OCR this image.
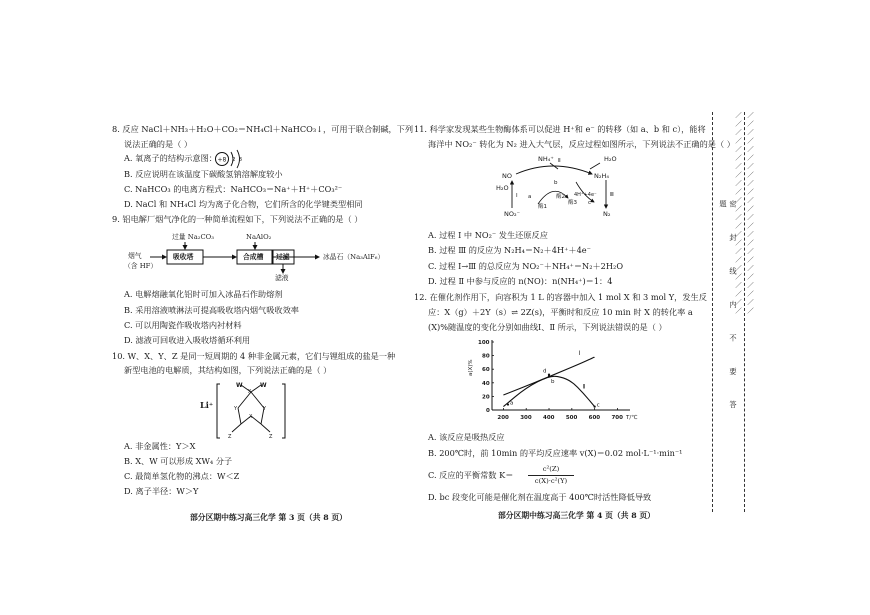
8. 反应 NaCl＋NH₃＋H₂O＋CO₂＝NH₄Cl＋NaHCO₃↓，可用于联合制碱，下列
说法正确的是（ ）
A. 氧离子的结构示意图： +8 2 8
B. 反应说明在该温度下碳酸氢钠溶解度较小
C. NaHCO₃ 的电离方程式：NaHCO₃＝Na⁺＋H⁺＋CO₃²⁻
D. NaCl 和 NH₄Cl 均为离子化合物，它们所含的化学键类型相同
9. 铝电解厂烟气净化的一种简单流程如下，下列说法不正确的是（ ）
过量 Na₂CO₃	NaAlO₂
烟气
（含 HF）
吸收塔	合成槽 过滤	冰晶石（Na₃AlF₆）
滤液
A. 电解熔融氧化铝时可加入冰晶石作助熔剂
B. 采用溶液喷淋法可提高吸收塔内烟气吸收效率
C. 可以用陶瓷作吸收塔内衬材料
D. 滤液可回收进入吸收塔循环利用
10. W、X、Y、Z 是同一短周期的 4 种非金属元素，它们与锂组成的盐是一种
新型电池的电解质，其结构如图，下列说法正确的是（ ）
Li⁺
W	W
X
Y	Y
X
Z	Z
A. 非金属性：Y＞X
B. X、W 可以形成 XW₄ 分子
C. 最简单氢化物的沸点：W＜Z
D. 离子半径：W＞Y
部分区期中练习高三化学 第 3 页（共 8 页）
11. 科学家发现某些生物酶体系可以促进 H⁺和 e⁻ 的转移（如 a、b 和 c），能将
海洋中 NO₂⁻ 转化为 N₂ 进入大气层，反应过程如图所示，下列说法不正确的是（ ）
NH₄⁺	H₂O
NO	N₂H₄
H₂O
NO₂⁻	N₂
Ⅱ
Ⅰ	Ⅲ
b
a
c
酶2
酶1
酶3
4H⁺+4e⁻
A. 过程 Ⅰ 中 NO₂⁻ 发生还原反应
B. 过程 Ⅲ 的反应为 N₂H₄＝N₂＋4H⁺＋4e⁻
C. 过程 Ⅰ→Ⅲ 的总反应为 NO₂⁻＋NH₄⁺＝N₂＋2H₂O
D. 过程 Ⅱ 中参与反应的 n(NO)：n(NH₄⁺)＝1：4
12. 在催化剂作用下，向容积为 1 L 的容器中加入 1 mol X 和 3 mol Y，发生反
应：X（g）＋2Y（s）⇌ 2Z(s)，平衡时和反应 10 min 时 X 的转化率 a
(X)%随温度的变化分别如曲线Ⅰ、Ⅱ 所示，下列说法错误的是（ ）
200 300 400 500 600 700
0
20
40
60
80
100
T/℃
a(X)%
Ⅰ
Ⅱ
a
b
c
d
A. 该反应是吸热反应
B. 200℃时，前 10min 的平均反应速率 v(X)＝0.02 mol·L⁻¹·min⁻¹
C. 反应的平衡常数 K＝
c²(Z)
c(X)·c²(Y)
D. bc 段变化可能是催化剂在温度高于 400℃时活性降低导致
部分区期中练习高三化学 第 4 页（共 8 页）
／／／／／／／／／／／／／／／／／／／／／／／／
密 封 线 内 不 要 答 题	／／／／／／／／／／／／／／／／／／／／／／／／
